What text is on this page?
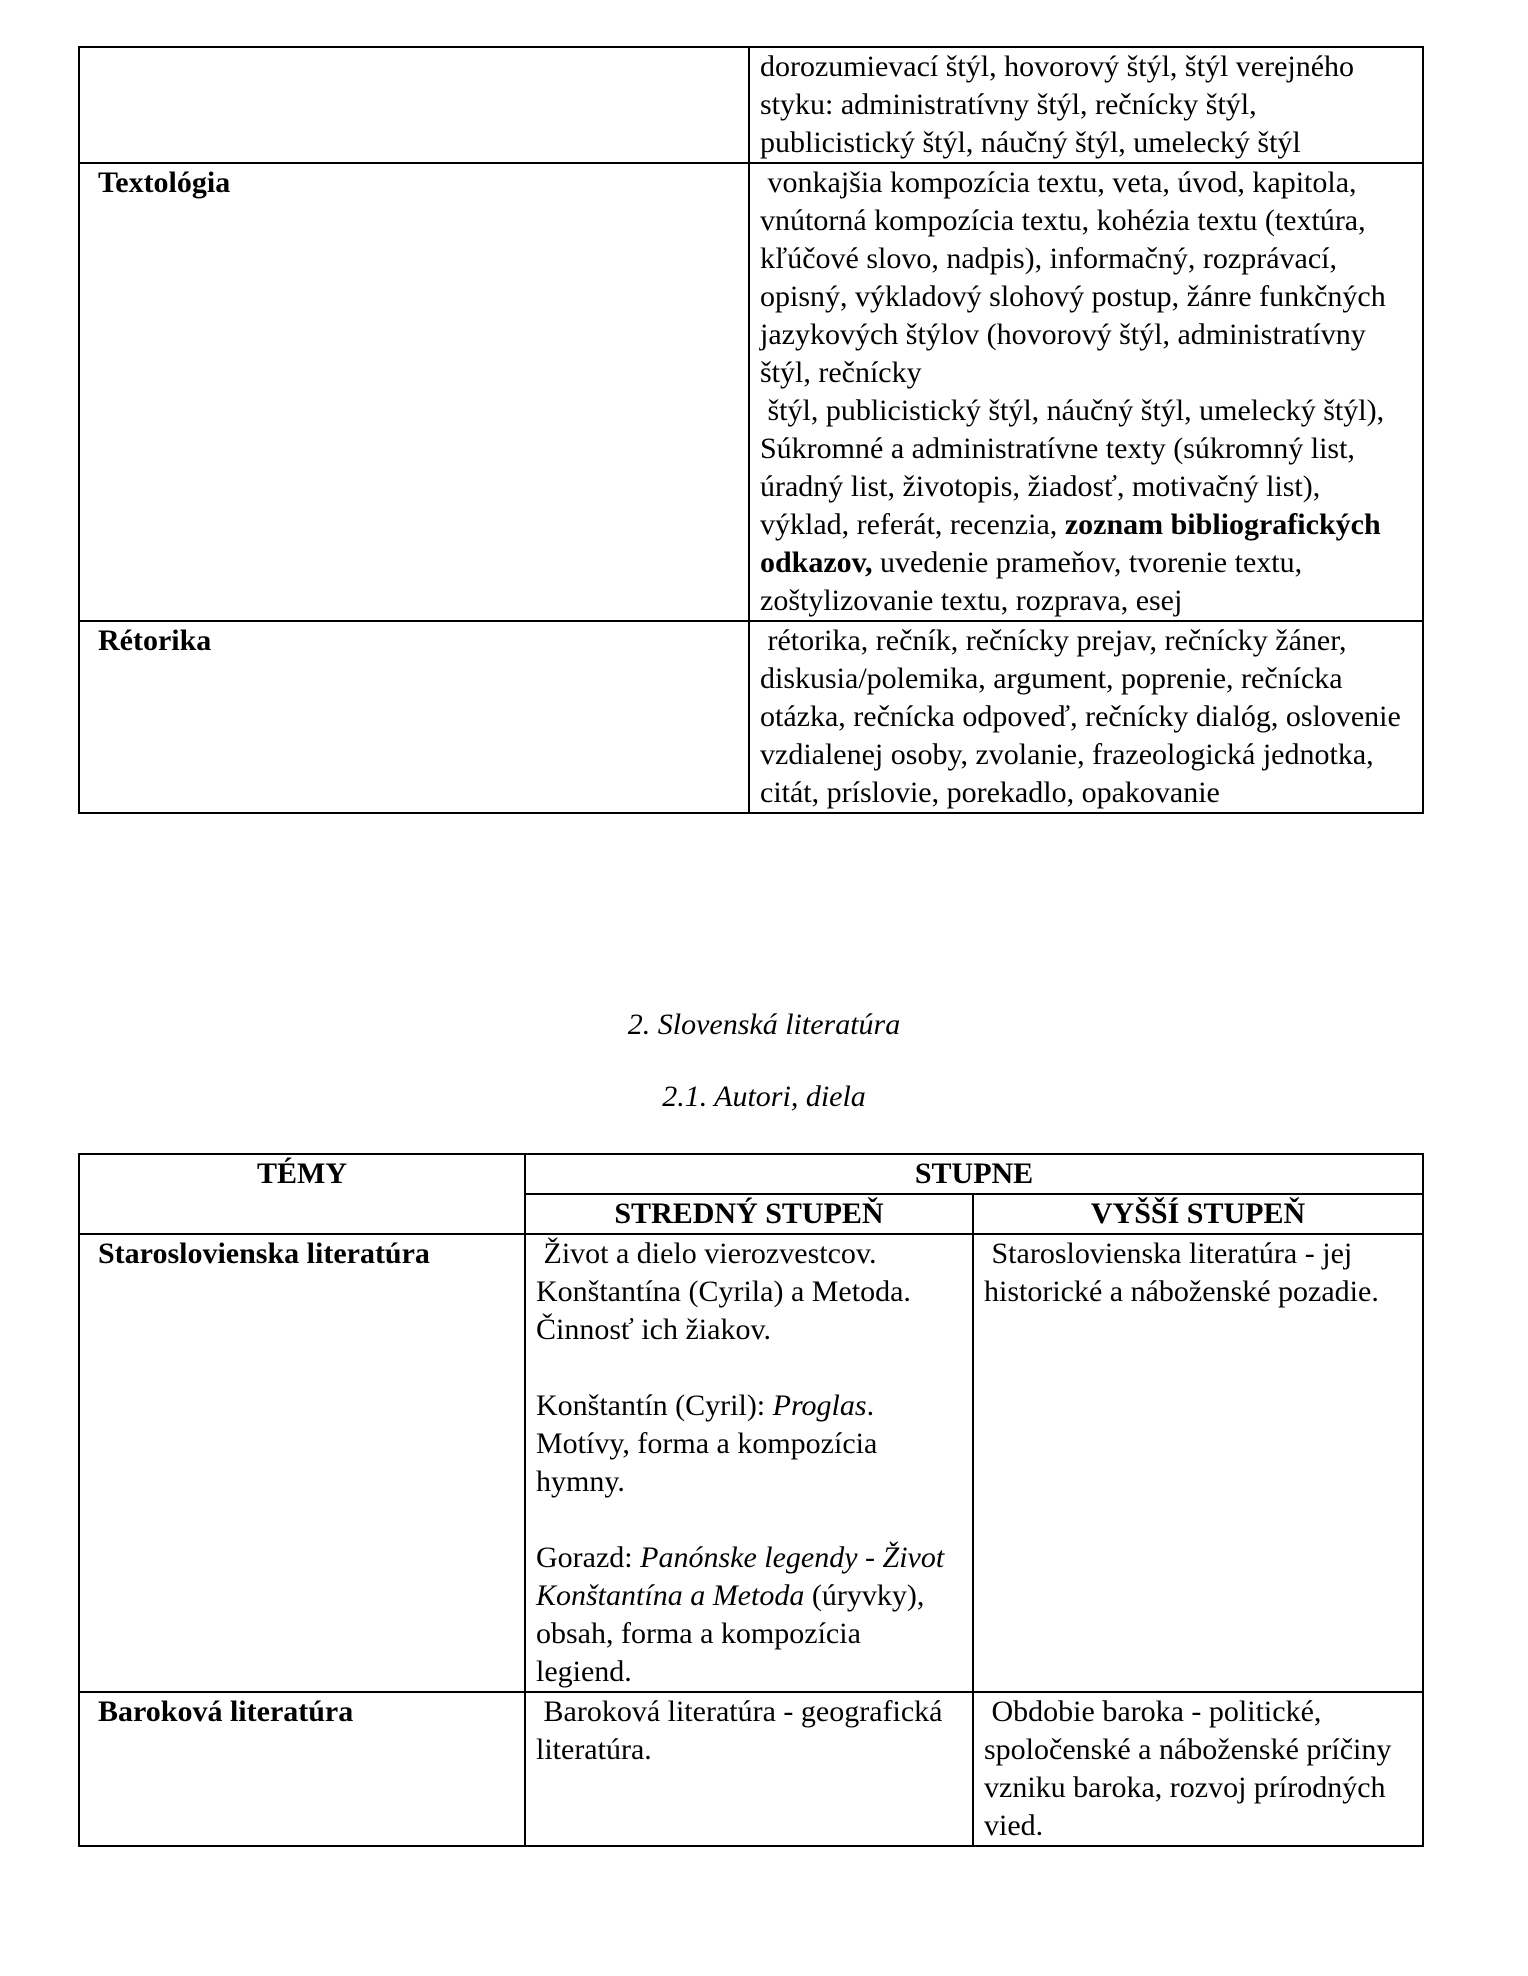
	dorozumievací štýl, hovorový štýl, štýl verejného styku: administratívny štýl, rečnícky štýl, publicistický štýl, náučný štýl, umelecký štýl
Textológia	vonkajšia kompozícia textu, veta, úvod, kapitola, vnútorná kompozícia textu, kohézia textu (textúra, kľúčové slovo, nadpis), informačný, rozprávací, opisný, výkladový slohový postup, žánre funkčných jazykových štýlov (hovorový štýl, administratívny štýl, rečnícky
štýl, publicistický štýl, náučný štýl, umelecký štýl), Súkromné a administratívne texty (súkromný list, úradný list, životopis, žiadosť, motivačný list), výklad, referát, recenzia, zoznam bibliografických odkazov, uvedenie prameňov, tvorenie textu, zoštylizovanie textu, rozprava, esej
Rétorika	rétorika, rečník, rečnícky prejav, rečnícky žáner, diskusia/polemika, argument, poprenie, rečnícka otázka, rečnícka odpoveď, rečnícky dialóg, oslovenie vzdialenej osoby, zvolanie, frazeologická jednotka, citát, príslovie, porekadlo, opakovanie
2. Slovenská literatúra
2.1. Autori, diela
TÉMY	STUPNE	
	STREDNÝ STUPEŇ	VYŠŠÍ STUPEŇ
Staroslovienska literatúra	Život a dielo vierozvestcov. Konštantína (Cyrila) a Metoda. Činnosť ich žiakov.

Konštantín (Cyril): Proglas. Motívy, forma a kompozícia hymny.

Gorazd: Panónske legendy - Život Konštantína a Metoda (úryvky), obsah, forma a kompozícia legiend.	Staroslovienska literatúra - jej historické a náboženské pozadie.
Baroková literatúra	Baroková literatúra - geografická literatúra.	Obdobie baroka - politické, spoločenské a náboženské príčiny vzniku baroka, rozvoj prírodných vied.
